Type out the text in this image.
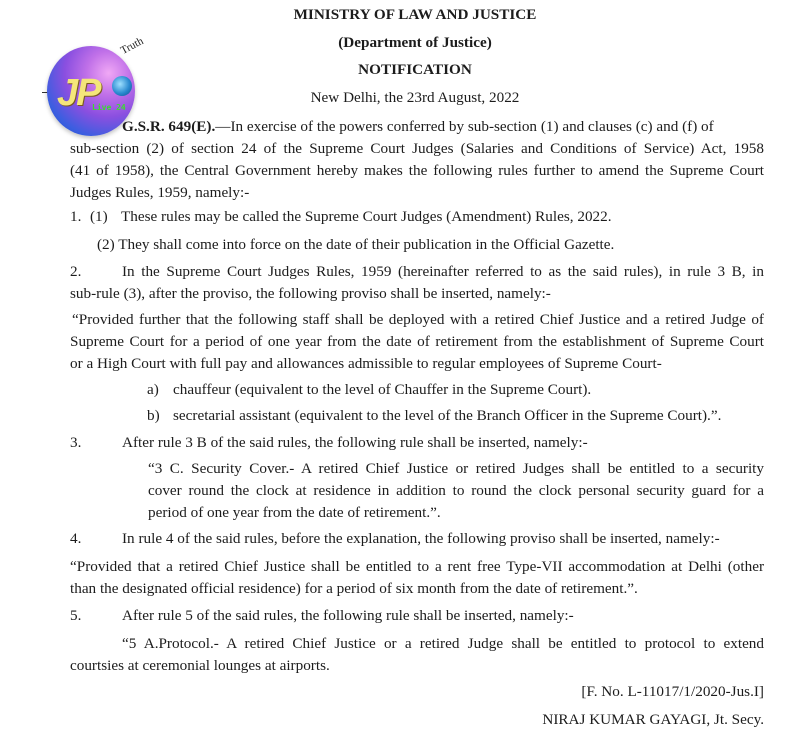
JP
Live 24
Truth
MINISTRY OF LAW AND JUSTICE
(Department of Justice)
NOTIFICATION
New Delhi, the 23rd August, 2022
G.S.R. 649(E).—In exercise of the powers conferred by sub-section (1) and clauses (c) and (f) of
sub-section (2) of section 24 of the Supreme Court Judges (Salaries and Conditions of Service) Act, 1958
(41 of 1958), the Central Government hereby makes the following rules further to amend the Supreme Court
Judges Rules, 1959, namely:-
1. (1) These rules may be called the Supreme Court Judges (Amendment) Rules, 2022.
(2) They shall come into force on the date of their publication in the Official Gazette.
2.	In the Supreme Court Judges Rules, 1959 (hereinafter referred to as the said rules), in rule 3 B, in
sub-rule (3), after the proviso, the following proviso shall be inserted, namely:-
“Provided further that the following staff shall be deployed with a retired Chief Justice and a retired Judge of
Supreme Court for a period of one year from the date of retirement from the establishment of Supreme Court
or a High Court with full pay and allowances admissible to regular employees of Supreme Court-
a) chauffeur (equivalent to the level of Chauffer in the Supreme Court).
b) secretarial assistant (equivalent to the level of the Branch Officer in the Supreme Court).”.
3.	After rule 3 B of the said rules, the following rule shall be inserted, namely:-
“3 C. Security Cover.- A retired Chief Justice or retired Judges shall be entitled to a security
cover round the clock at residence in addition to round the clock personal security guard for a
period of one year from the date of retirement.”.
4.	In rule 4 of the said rules, before the explanation, the following proviso shall be inserted, namely:-
“Provided that a retired Chief Justice shall be entitled to a rent free Type-VII accommodation at Delhi (other
than the designated official residence) for a period of six month from the date of retirement.”.
5.	After rule 5 of the said rules, the following rule shall be inserted, namely:-
“5 A.Protocol.- A retired Chief Justice or a retired Judge shall be entitled to protocol to extend
courtsies at ceremonial lounges at airports.
[F. No. L-11017/1/2020-Jus.I]
NIRAJ KUMAR GAYAGI, Jt. Secy.
